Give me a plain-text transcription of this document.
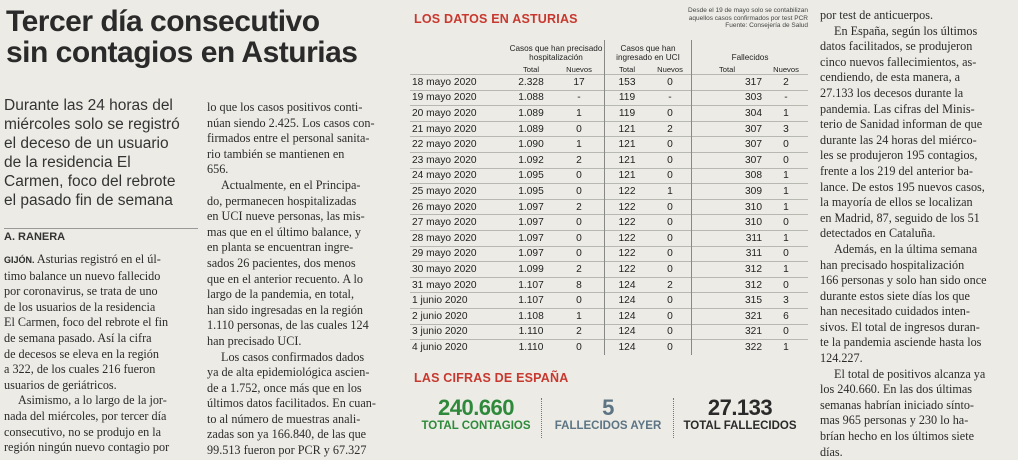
Tercer día consecutivo
sin contagios en Asturias

Durante las 24 horas del
miércoles solo se registró
el deceso de un usuario
de la residencia El
Carmen, foco del rebrote
el pasado fin de semana

A. RANERA

GIJÓN. Asturias registró en el úl-
timo balance un nuevo fallecido
por coronavirus, se trata de uno
de los usuarios de la residencia
El Carmen, foco del rebrote el fin
de semana pasado. Así la cifra
de decesos se eleva en la región
a 322, de los cuales 216 fueron
usuarios de geriátricos.

Asimismo, a lo largo de la jor-
nada del miércoles, por tercer día
consecutivo, no se produjo en la
región ningún nuevo contagio por

lo que los casos positivos conti-
núan siendo 2.425. Los casos con-
firmados entre el personal sanita-
rio también se mantienen en
656.

Actualmente, en el Principa-
do, permanecen hospitalizadas
en UCI nueve personas, las mis-
mas que en el último balance, y
en planta se encuentran ingre-
sados 26 pacientes, dos menos
que en el anterior recuento. A lo
largo de la pandemia, en total,
han sido ingresadas en la región
1.110 personas, de las cuales 124
han precisado UCI.

Los casos confirmados dados
ya de alta epidemiológica ascien-
de a 1.752, once más que en los
últimos datos facilitados. En cuan-
to al número de muestras anali-
zadas son ya 166.840, de las que
99.513 fueron por PCR y 67.327

por test de anticuerpos.

En España, según los últimos
datos facilitados, se produjeron
cinco nuevos fallecimientos, as-
cendiendo, de esta manera, a
27.133 los decesos durante la
pandemia. Las cifras del Minis-
terio de Sanidad informan de que
durante las 24 horas del miérco-
les se produjeron 195 contagios,
frente a los 219 del anterior ba-
lance. De estos 195 nuevos casos,
la mayoría de ellos se localizan
en Madrid, 87, seguido de los 51
detectados en Cataluña.

Además, en la última semana
han precisado hospitalización
166 personas y solo han sido once
durante estos siete días los que
han necesitado cuidados inten-
sivos. El total de ingresos duran-
te la pandemia asciende hasta los
124.227.

El total de positivos alcanza ya
los 240.660. En las dos últimas
semanas habrían iniciado sínto-
mas 965 personas y 230 lo ha-
brían hecho en los últimos siete
días.

LOS DATOS EN ASTURIAS
Desde el 19 de mayo solo se contabilizan
aquellos casos confirmados por test PCR
Fuente: Consejería de Salud
	Casos que han precisado hospitalización		Casos que han ingresado en UCI		Fallecidos	
	Total	Nuevos	Total	Nuevos	Total	Nuevos
18 mayo 2020	2.328	17	153	0	317	2
19 mayo 2020	1.088	-	119	-	303	-
20 mayo 2020	1.089	1	119	0	304	1
21 mayo 2020	1.089	0	121	2	307	3
22 mayo 2020	1.090	1	121	0	307	0
23 mayo 2020	1.092	2	121	0	307	0
24 mayo 2020	1.095	0	121	0	308	1
25 mayo 2020	1.095	0	122	1	309	1
26 mayo 2020	1.097	2	122	0	310	1
27 mayo 2020	1.097	0	122	0	310	0
28 mayo 2020	1.097	0	122	0	311	1
29 mayo 2020	1.097	0	122	0	311	0
30 mayo 2020	1.099	2	122	0	312	1
31 mayo 2020	1.107	8	124	2	312	0
1 junio 2020	1.107	0	124	0	315	3
2 junio 2020	1.108	1	124	0	321	6
3 junio 2020	1.110	2	124	0	321	0
4 junio 2020	1.110	0	124	0	322	1
LAS CIFRAS DE ESPAÑA
240.660
TOTAL CONTAGIOS
5
FALLECIDOS AYER
27.133
TOTAL FALLECIDOS
